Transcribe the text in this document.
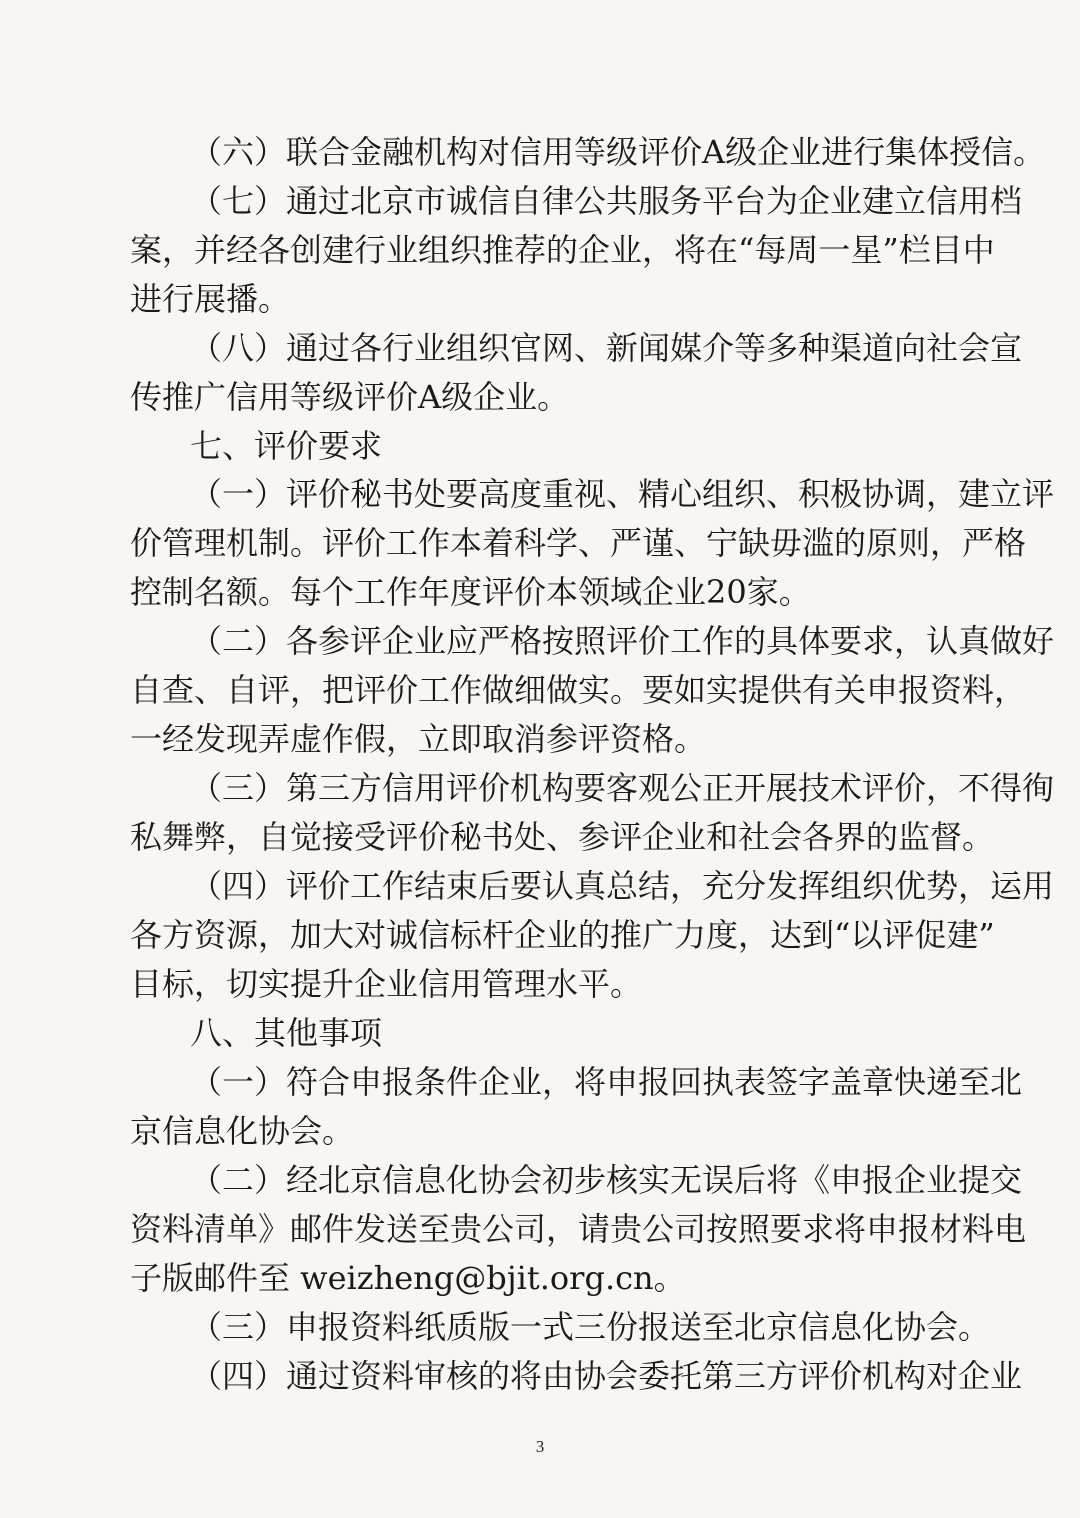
（六）联合金融机构对信用等级评价A级企业进行集体授信。
（七）通过北京市诚信自律公共服务平台为企业建立信用档
案，并经各创建行业组织推荐的企业，将在“每周一星”栏目中
进行展播。
（八）通过各行业组织官网、新闻媒介等多种渠道向社会宣
传推广信用等级评价A级企业。
七、评价要求
（一）评价秘书处要高度重视、精心组织、积极协调，建立评
价管理机制。评价工作本着科学、严谨、宁缺毋滥的原则，严格
控制名额。每个工作年度评价本领域企业20家。
（二）各参评企业应严格按照评价工作的具体要求，认真做好
自查、自评，把评价工作做细做实。要如实提供有关申报资料，
一经发现弄虚作假，立即取消参评资格。
（三）第三方信用评价机构要客观公正开展技术评价，不得徇
私舞弊，自觉接受评价秘书处、参评企业和社会各界的监督。
（四）评价工作结束后要认真总结，充分发挥组织优势，运用
各方资源，加大对诚信标杆企业的推广力度，达到“以评促建”
目标，切实提升企业信用管理水平。
八、其他事项
（一）符合申报条件企业，将申报回执表签字盖章快递至北
京信息化协会。
（二）经北京信息化协会初步核实无误后将《申报企业提交
资料清单》邮件发送至贵公司，请贵公司按照要求将申报材料电
子版邮件至 weizheng@bjit.org.cn。
（三）申报资料纸质版一式三份报送至北京信息化协会。
（四）通过资料审核的将由协会委托第三方评价机构对企业
3
